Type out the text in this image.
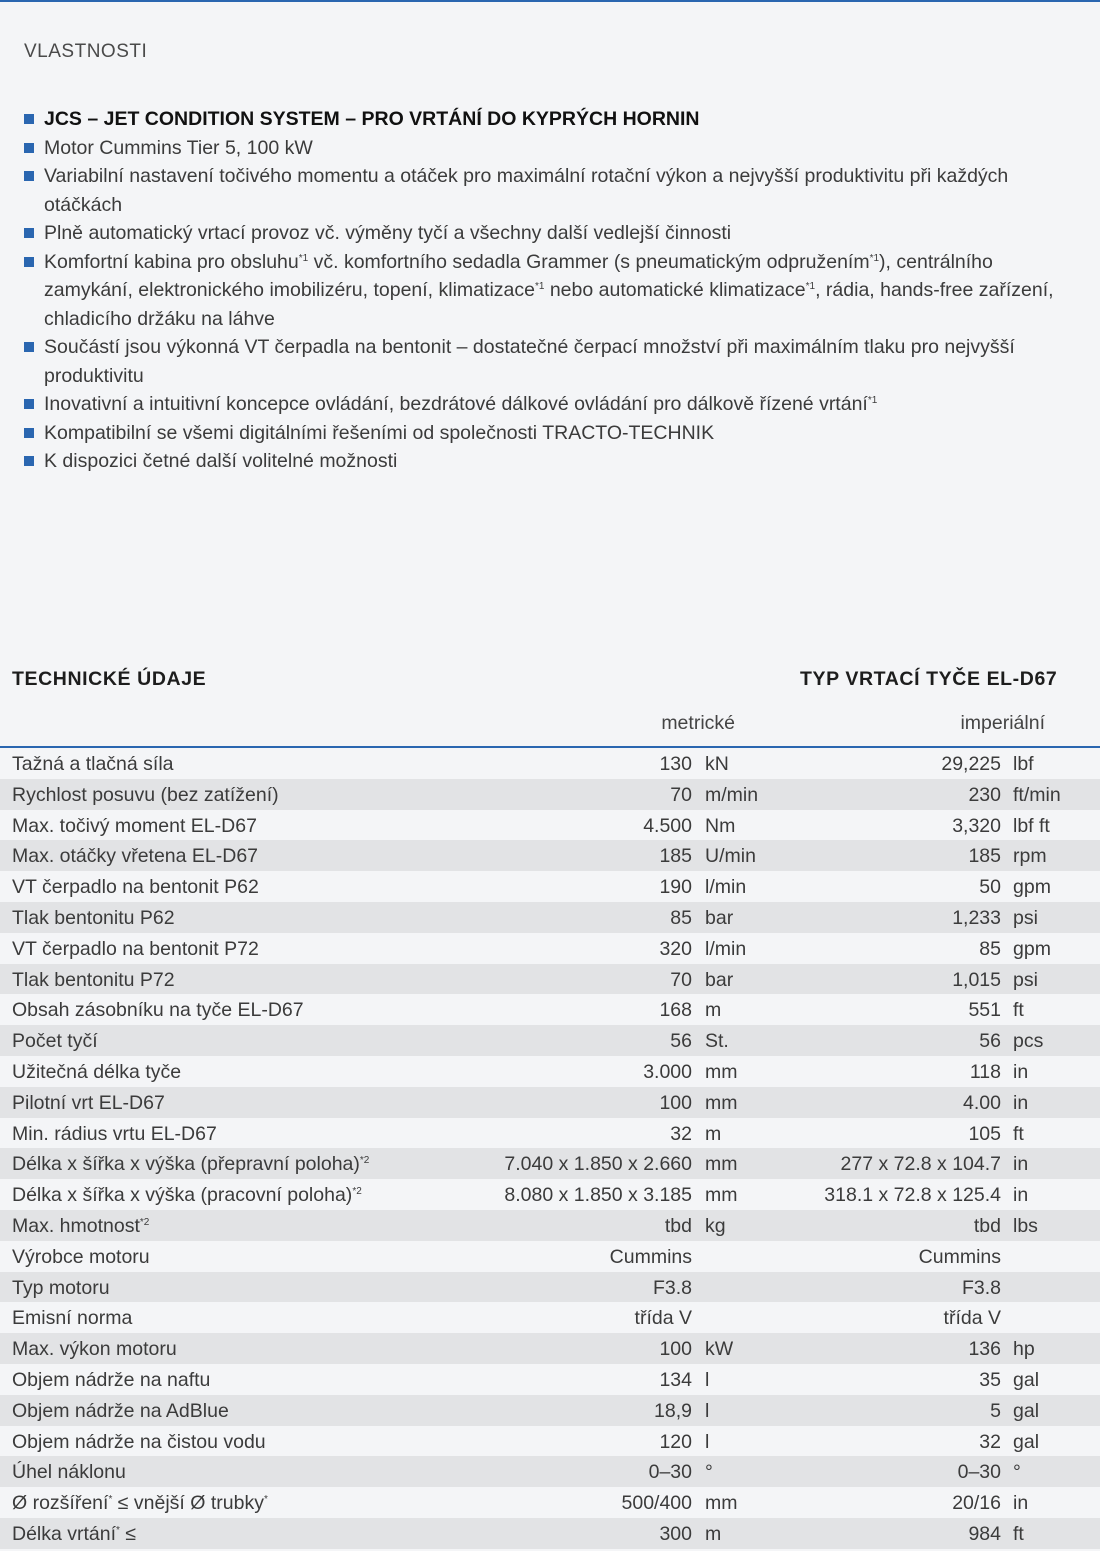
VLASTNOSTI
JCS – JET CONDITION SYSTEM – PRO VRTÁNÍ DO KYPRÝCH HORNIN
Motor Cummins Tier 5, 100 kW
Variabilní nastavení točivého momentu a otáček pro maximální rotační výkon a nejvyšší produktivitu při každých otáčkách
Plně automatický vrtací provoz vč. výměny tyčí a všechny další vedlejší činnosti
Komfortní kabina pro obsluhu$^{*1}$ vč. komfortního sedadla Grammer (s pneumatickým odpružením$^{*1}$), centrálního zamykání, elektronického imobilizéru, topení, klimatizace$^{*1}$ nebo automatické klimatizace$^{*1}$, rádia, hands-free zařízení, chladicího držáku na láhve
Součástí jsou výkonná VT čerpadla na bentonit – dostatečné čerpací množství při maximálním tlaku pro nejvyšší produktivitu
Inovativní a intuitivní koncepce ovládání, bezdrátové dálkové ovládání pro dálkově řízené vrtání$^{*1}$
Kompatibilní se všemi digitálními řešeními od společnosti TRACTO-TECHNIK
K dispozici četné další volitelné možnosti
TECHNICKÉ ÚDAJE	TYP VRTACÍ TYČE EL-D67
metrické	imperiální
Tažná a tlačná síla	130 kN	29,225 lbf
Rychlost posuvu (bez zatížení)	70 m/min	230 ft/min
Max. točivý moment EL-D67	4.500 Nm	3,320 lbf ft
Max. otáčky vřetena EL-D67	185 U/min	185 rpm
VT čerpadlo na bentonit P62	190 l/min	50 gpm
Tlak bentonitu P62	85 bar	1,233 psi
VT čerpadlo na bentonit P72	320 l/min	85 gpm
Tlak bentonitu P72	70 bar	1,015 psi
Obsah zásobníku na tyče EL-D67	168 m	551 ft
Počet tyčí	56 St.	56 pcs
Užitečná délka tyče	3.000 mm	118 in
Pilotní vrt EL-D67	100 mm	4.00 in
Min. rádius vrtu EL-D67	32 m	105 ft
Délka x šířka x výška (přepravní poloha)$^{*2}$	7.040 x 1.850 x 2.660 mm	277 x 72.8 x 104.7 in
Délka x šířka x výška (pracovní poloha)$^{*2}$	8.080 x 1.850 x 3.185 mm	318.1 x 72.8 x 125.4 in
Max. hmotnost$^{*2}$	tbd kg	tbd lbs
Výrobce motoru	Cummins	Cummins
Typ motoru	F3.8	F3.8
Emisní norma	třída V	třída V
Max. výkon motoru	100 kW	136 hp
Objem nádrže na naftu	134 l	35 gal
Objem nádrže na AdBlue	18,9 l	5 gal
Objem nádrže na čistou vodu	120 l	32 gal
Úhel náklonu	0–30 °	0–30 °
Ø rozšíření* ≤ vnější Ø trubky*	500/400 mm	20/16 in
Délka vrtání* ≤	300 m	984 ft
